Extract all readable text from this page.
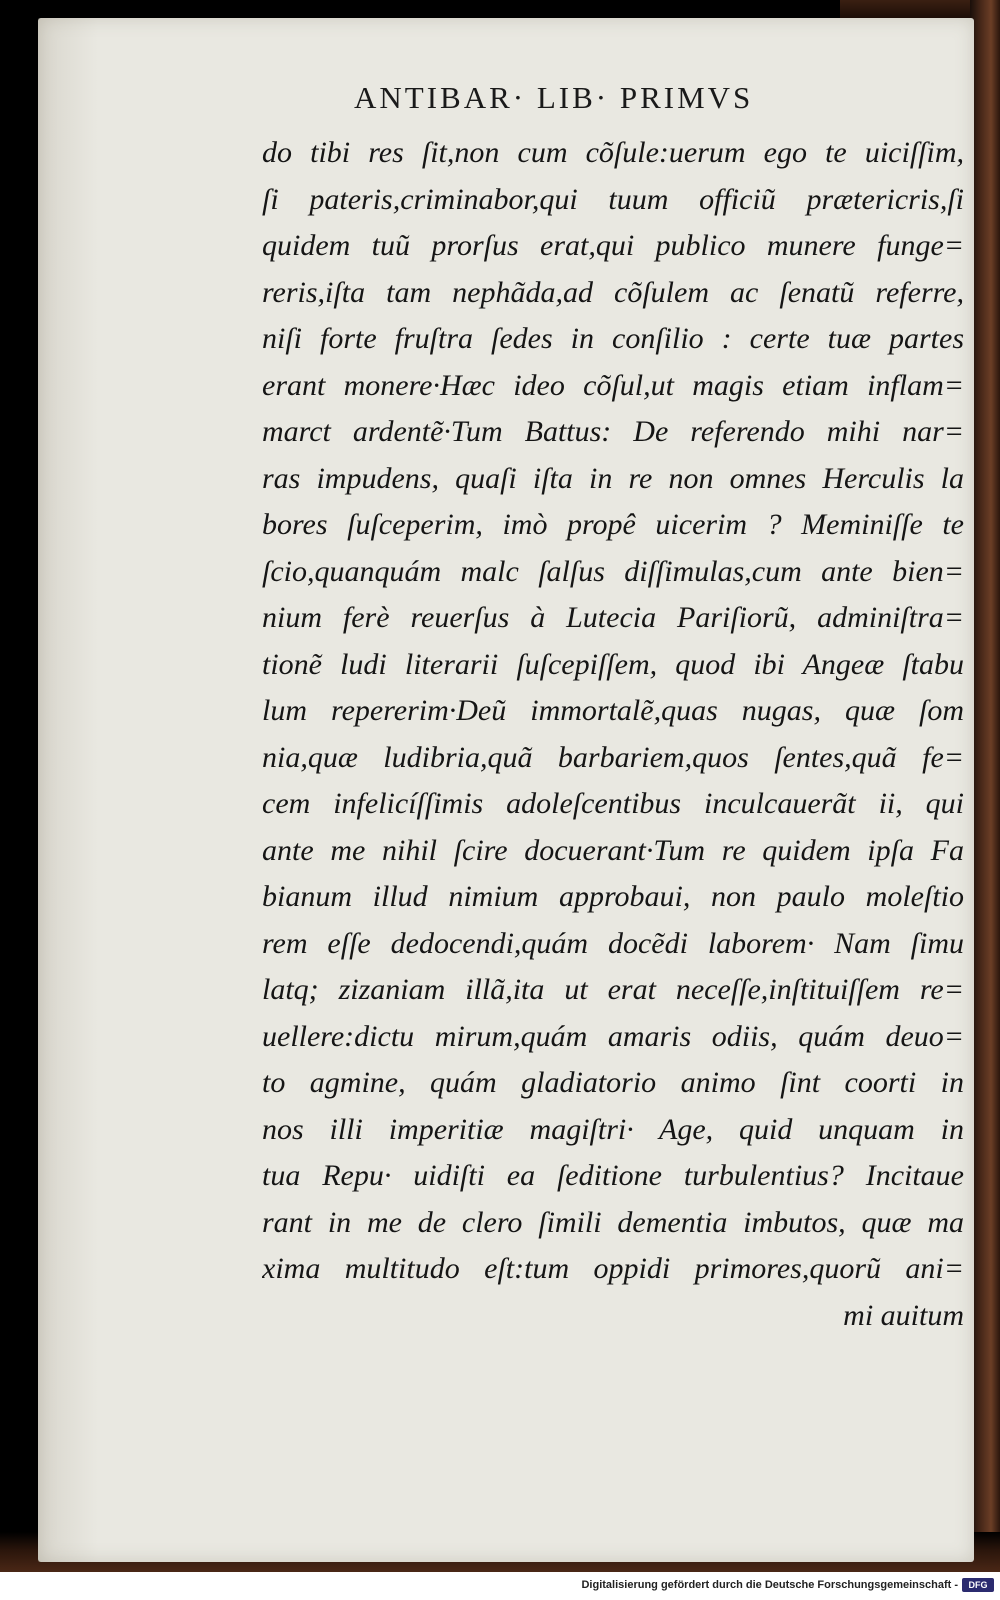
ANTIBAR· LIB· PRIMVS
do tibi res ſit,non cum cõſule:uerum ego te uiciſſim,
ſi pateris,criminabor,qui tuum officiũ prætericris,ſi
quidem tuũ prorſus erat,qui publico munere funge=
reris,iſta tam nephãda,ad cõſulem ac ſenatũ referre,
niſi forte fruſtra ſedes in conſilio : certe tuæ partes
erant monere·Hæc ideo cõſul,ut magis etiam inflam=
marct ardentẽ·Tum Battus: De referendo mihi nar=
ras impudens, quaſi iſta in re non omnes Herculis la
bores ſuſceperim, imò propê uicerim ? Meminiſſe te
ſcio,quanquám malc ſalſus diſſimulas,cum ante bien=
nium ferè reuerſus à Lutecia Pariſiorũ, adminiſtra=
tionẽ ludi literarii ſuſcepiſſem, quod ibi Angeæ ſtabu
lum repererim·Deũ immortalẽ,quas nugas, quæ ſom
nia,quæ ludibria,quã barbariem,quos ſentes,quã fe=
cem infelicíſſimis adoleſcentibus inculcauerãt ii, qui
ante me nihil ſcire docuerant·Tum re quidem ipſa Fa
bianum illud nimium approbaui, non paulo moleſtio
rem eſſe dedocendi,quám docẽdi laborem· Nam ſimu
latq; zizaniam illã,ita ut erat neceſſe,inſtituiſſem re=
uellere:dictu mirum,quám amaris odiis, quám deuo=
to agmine, quám gladiatorio animo ſint coorti in
nos illi imperitiæ magiſtri· Age, quid unquam in
tua Repu· uidiſti ea ſeditione turbulentius? Incitaue
rant in me de clero ſimili dementia imbutos, quæ ma
xima multitudo eſt:tum oppidi primores,quorũ ani=
mi auitum
Digitalisierung gefördert durch die Deutsche Forschungsgemeinschaft -	DFG
